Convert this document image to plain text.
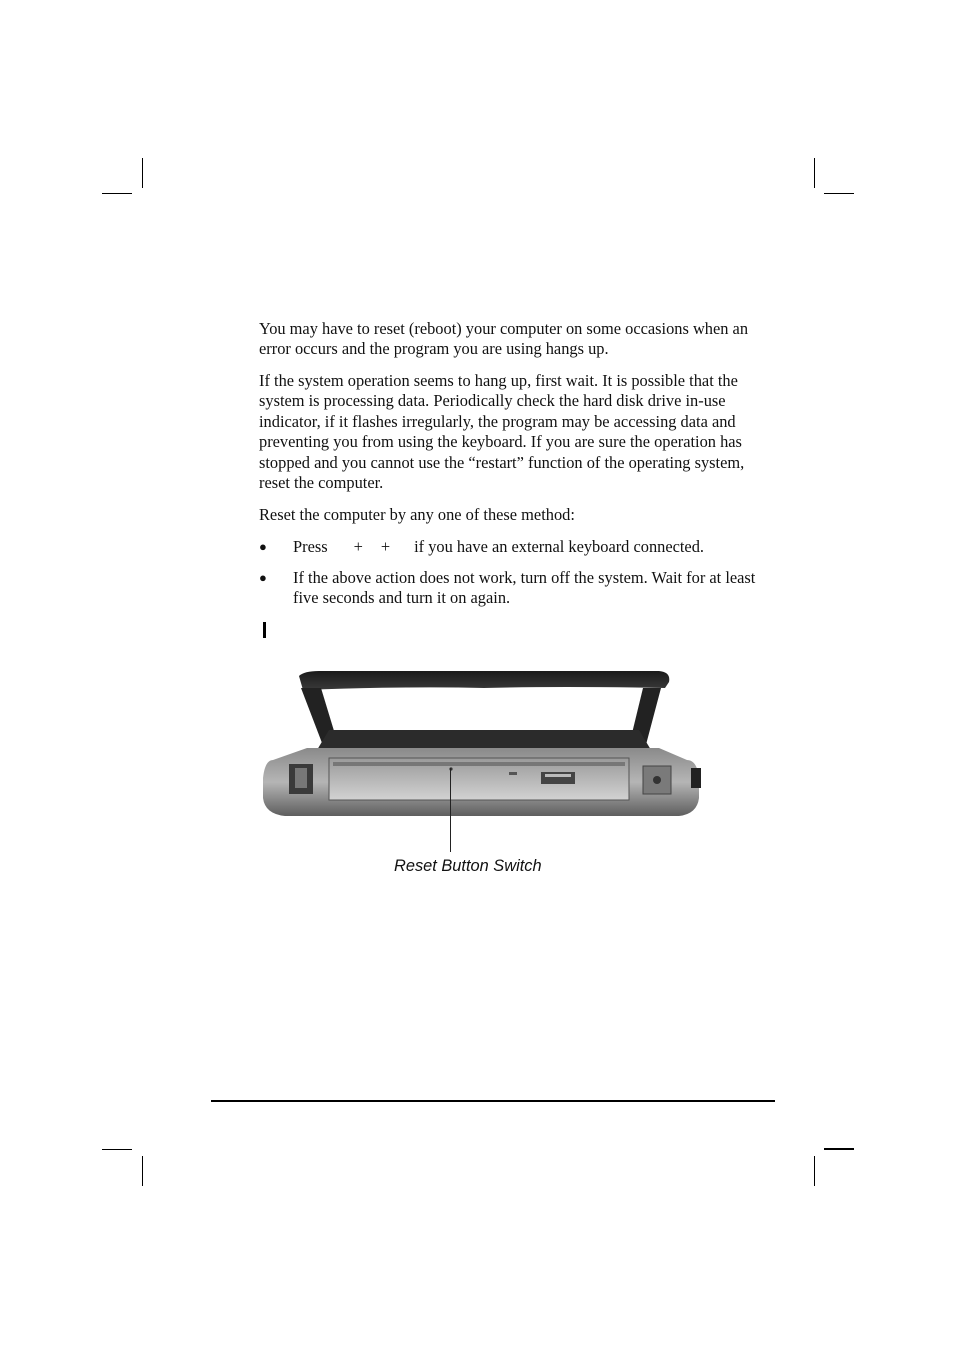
You may have to reset (reboot) your computer on some occasions when an error occurs and the program you are using hangs up.

If the system operation seems to hang up, first wait. It is possible that the system is processing data. Periodically check the hard disk drive in-use indicator, if it flashes irregularly, the program may be accessing data and preventing you from using the keyboard. If you are sure the operation has stopped and you cannot use the “restart” function of the operating system, reset the computer.

Reset the computer by any one of these method:

●	Press + + if you have an external keyboard connected.
●	If the above action does not work, turn off the system. Wait for at least five seconds and turn it on again.
Reset Button Switch
